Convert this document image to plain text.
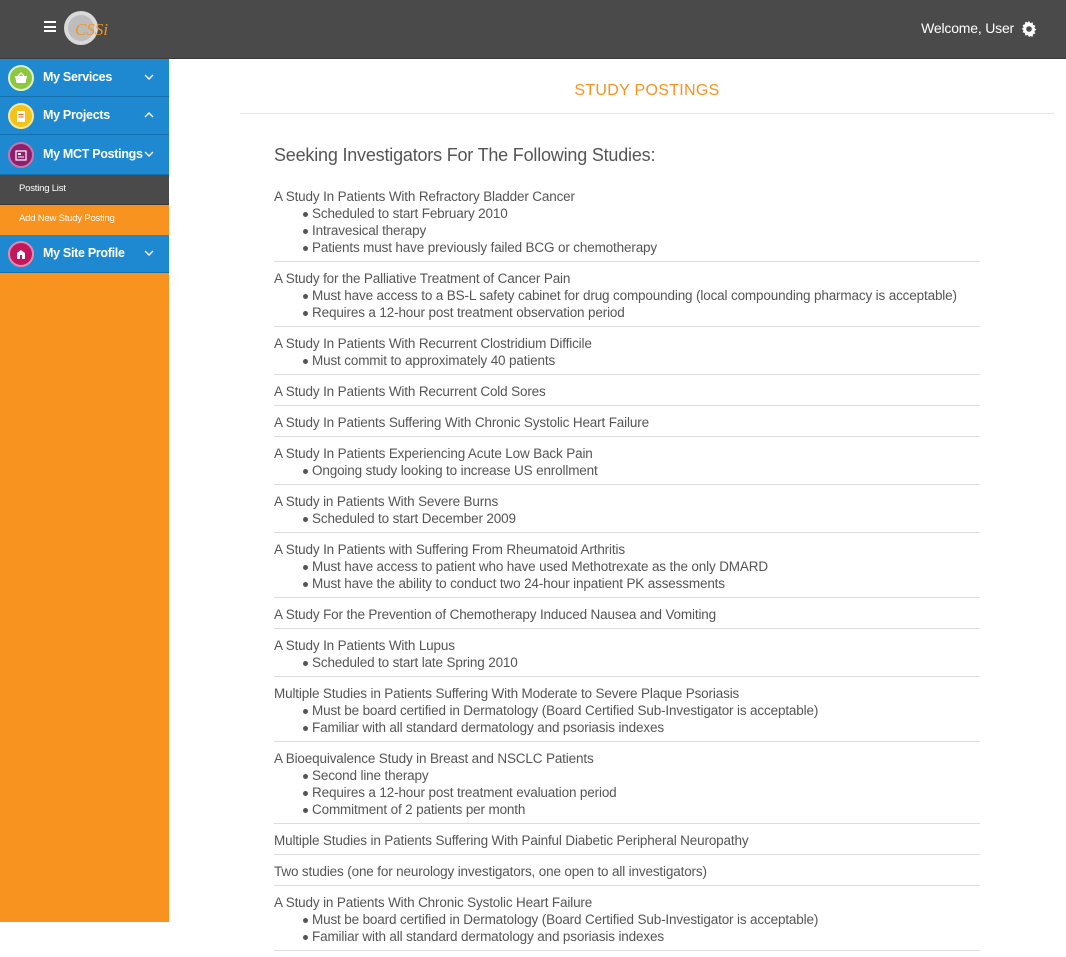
CSSi	Welcome, User
My Services
My Projects
My MCT Postings
Posting List
Add New Study Posting
My Site Profile
STUDY POSTINGS
Seeking Investigators For The Following Studies:
A Study In Patients With Refractory Bladder Cancer
Scheduled to start February 2010
Intravesical therapy
Patients must have previously failed BCG or chemotherapy
A Study for the Palliative Treatment of Cancer Pain
Must have access to a BS-L safety cabinet for drug compounding (local compounding pharmacy is acceptable)
Requires a 12-hour post treatment observation period
A Study In Patients With Recurrent Clostridium Difficile
Must commit to approximately 40 patients
A Study In Patients With Recurrent Cold Sores
A Study In Patients Suffering With Chronic Systolic Heart Failure
A Study In Patients Experiencing Acute Low Back Pain
Ongoing study looking to increase US enrollment
A Study in Patients With Severe Burns
Scheduled to start December 2009
A Study In Patients with Suffering From Rheumatoid Arthritis
Must have access to patient who have used Methotrexate as the only DMARD
Must have the ability to conduct two 24-hour inpatient PK assessments
A Study For the Prevention of Chemotherapy Induced Nausea and Vomiting
A Study In Patients With Lupus
Scheduled to start late Spring 2010
Multiple Studies in Patients Suffering With Moderate to Severe Plaque Psoriasis
Must be board certified in Dermatology (Board Certified Sub-Investigator is acceptable)
Familiar with all standard dermatology and psoriasis indexes
A Bioequivalence Study in Breast and NSCLC Patients
Second line therapy
Requires a 12-hour post treatment evaluation period
Commitment of 2 patients per month
Multiple Studies in Patients Suffering With Painful Diabetic Peripheral Neuropathy
Two studies (one for neurology investigators, one open to all investigators)
A Study in Patients With Chronic Systolic Heart Failure
Must be board certified in Dermatology (Board Certified Sub-Investigator is acceptable)
Familiar with all standard dermatology and psoriasis indexes
